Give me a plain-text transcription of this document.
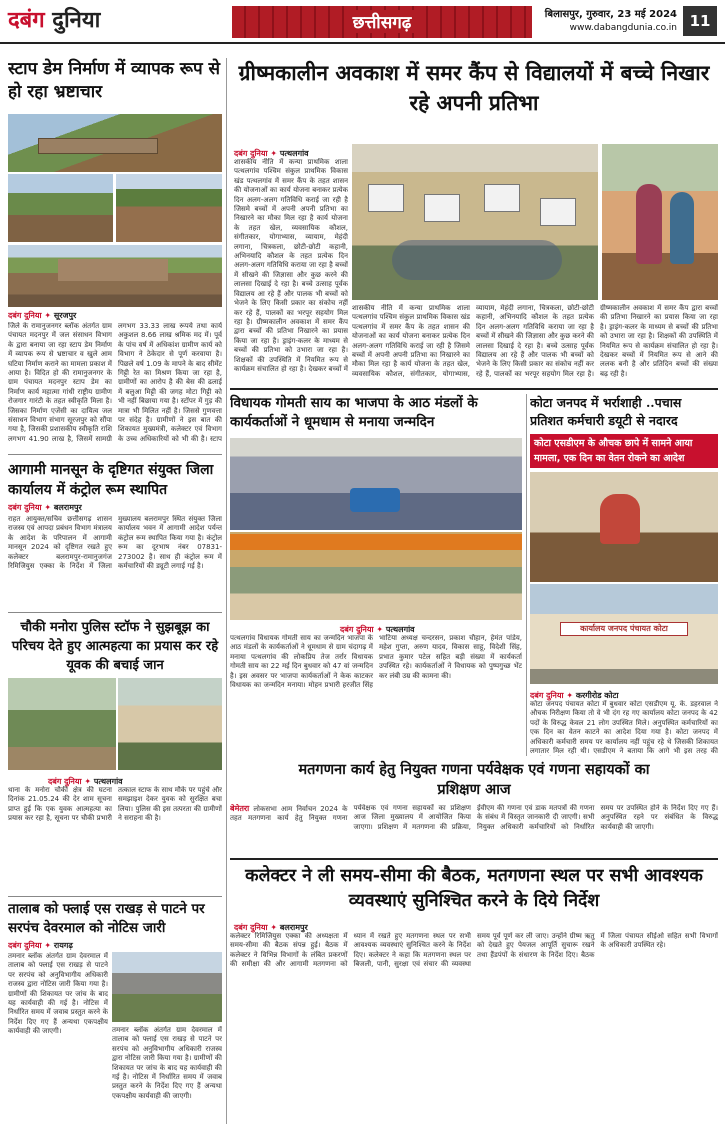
दबंग दुनिया	छत्तीसगढ़	बिलासपुर, गुरुवार, 23 मई 2024
www.dabangdunia.co.in 11
स्टाप डेम निर्माण में व्यापक रूप से हो रहा भ्रष्टाचार
दबंग दुनिया ✦ सूरजपुर
जिले के रामानुजनगर ब्लॉक अंतर्गत ग्राम पंचायत मदनपुर में जल संसाधन विभाग के द्वारा बनाया जा रहा स्टाप डेम निर्माण में व्यापक रूप से भ्रष्टाचार व खुले आम घटिया निर्माण कराने का मामला प्रकाश में आया है। विदित हो की रामानुजनगर के ग्राम पंचायत मदनपुर स्टाप डेम का निर्माण कार्य महात्मा गांधी राष्ट्रीय ग्रामीण रोजगार गारंटी के तहत स्वीकृति मिला है। जिसका निर्माण एजेंसी का दायित्व जल संसाधन विभाग संभाग सूरजपुर को सौंपा गया है, जिसकी प्रशासकीय स्वीकृति राशि लगभग 41.90 लाख है, जिसमें सामग्री लगभग 33.33 लाख रूपये तथा कार्य अकुशल 8.66 लाख श्रमिक मद में। पूर्व के पांच वर्ष में अधिकांश ग्रामीण कार्य को विभाग ने ठेकेदार से पूर्ण करवाया है। पिछले वर्ष 1.09 के मापने के बाद सीमेंट गिट्टी रेत का मिश्रण किया जा रहा है, ग्रामीणों का आरोप है की बेस की ढलाई में बलुआ मिट्टी की जगह मोटा गिट्टी को भी नहीं बिछाया गया है। स्टॉपर में गुड़ की मात्रा भी मिलित नहीं है। जिससे गुणवत्ता पर संदेह है। ग्रामीणों ने इस बात की शिकायत मुख्यमंत्री, कलेक्टर एवं विभाग के उच्च अधिकारियों को भी की है। स्टाप
ग्रीष्मकालीन अवकाश में समर कैंप से विद्यालयों में बच्चे निखार रहे अपनी प्रतिभा
दबंग दुनिया ✦ पत्थलगांव
शासकीय नीति में कन्या प्राथमिक शाला पत्थलगांव पश्चिम संकुल प्राथमिक विकास खंड पत्थलगांव में समर कैंप के तहत शासन की योजनाओं का कार्य योजना बनाकर प्रत्येक दिन अलग-अलग गतिविधि कराई जा रही है जिसमे बच्चों में अपनी अपनी प्रतिभा का निखारने का मौका मिल रहा है कार्य योजना के तहत खेल, व्यवसायिक कौशल, संगीतकार, योगाभ्यास, व्यायाम, मेहंदी लगाना, चित्रकला, छोटी-छोटी कहानी, अभिनयादि कौशल के तहत प्रत्येक दिन अलग-अलग गतिविधि कराया जा रहा है बच्चों में सीखने की जिज्ञासा और कुछ करने की लालसा दिखाई दे रहा है। बच्चे उत्साह पूर्वक विद्यालय आ रहे हैं और पालक भी बच्चों को भेजने के लिए किसी प्रकार का संकोच नहीं कर रहे हैं, पालकों का भरपूर सहयोग मिल रहा है। ग्रीष्मकालीन अवकाश में समर कैंप द्वारा बच्चों की प्रतिभा निखारने का प्रयास किया जा रहा है। ड्राइंग-कलर के माध्यम से बच्चों की प्रतिभा को उभारा जा रहा है। शिक्षकों की उपस्थिति में नियमित रूप से कार्यक्रम संचालित हो रहा है। देखकर बच्चों में
शासकीय नीति में कन्या प्राथमिक शाला पत्थलगांव पश्चिम संकुल प्राथमिक विकास खंड पत्थलगांव में समर कैंप के तहत शासन की योजनाओं का कार्य योजना बनाकर प्रत्येक दिन अलग-अलग गतिविधि कराई जा रही है जिसमे बच्चों में अपनी अपनी प्रतिभा का निखारने का मौका मिल रहा है कार्य योजना के तहत खेल, व्यवसायिक कौशल, संगीतकार, योगाभ्यास, व्यायाम, मेहंदी लगाना, चित्रकला, छोटी-छोटी कहानी, अभिनयादि कौशल के तहत प्रत्येक दिन अलग-अलग गतिविधि कराया जा रहा है बच्चों में सीखने की जिज्ञासा और कुछ करने की लालसा दिखाई दे रहा है। बच्चे उत्साह पूर्वक विद्यालय आ रहे हैं और पालक भी बच्चों को भेजने के लिए किसी प्रकार का संकोच नहीं कर रहे हैं, पालकों का भरपूर सहयोग मिल रहा है। ग्रीष्मकालीन अवकाश में समर कैंप द्वारा बच्चों की प्रतिभा निखारने का प्रयास किया जा रहा है। ड्राइंग-कलर के माध्यम से बच्चों की प्रतिभा को उभारा जा रहा है। शिक्षकों की उपस्थिति में नियमित रूप से कार्यक्रम संचालित हो रहा है। देखकर बच्चों में नियमित रूप से आने की ललक बनी है और प्रतिदिन बच्चों की संख्या बढ़ रही है।
विधायक गोमती साय का भाजपा के आठ मंडलों के कार्यकर्ताओं ने धूमधाम से मनाया जन्मदिन
दबंग दुनिया ✦ पत्थलगांव
पत्थलगांव विधायक गोमती साय का जन्मदिन भाजपा के आठ मंडलों के कार्यकर्ताओं ने धूमधाम से ग्राम चंदागढ़ में मनाया पत्थलगांव की लोकप्रिय तेज तर्रार विधायक गोमती साय का 22 मई दिन बुधवार को 47 वां जन्मदिन है। इस अवसर पर भाजपा कार्यकर्ताओं ने केक काटकर विधायक का जन्मदिन मनाया। मोहन प्रभारी हरजीत सिंह भाटिया अध्यक्ष चन्दरसन, प्रकाश चौहान, हेमंत पांडेय, महेश गुप्ता, अरुण यादव, विकास साहू, विदेशी सिंह, प्रभात कुमार पटेल सहित बड़ी संख्या में कार्यकर्ता उपस्थित रहे। कार्यकर्ताओं ने विधायक को पुष्पगुच्छ भेंट कर लंबी उम्र की कामना की।
कोटा जनपद में भर्राशाही ..पचास प्रतिशत कर्मचारी डयूटी से नदारद
कोटा एसडीएम के औचक छापे में सामने आया मामला, एक दिन का वेतन रोकने का आदेश
कार्यालय जनपद पंचायत कोटा
दबंग दुनिया ✦ करगीरोड कोटा
कोटा जनपद पंचायत कोटा में बुधवार कोटा एसडीएम यू. के. डहरवाल ने औचक निरीक्षण किया तो वे भी दंग रह गए कार्यालय कोटा जनपद के 42 पदों के विरुद्ध केवल 21 लोग उपस्थित मिले। अनुपस्थित कर्मचारियों का एक दिन का वेतन काटने का आदेश दिया गया है। कोटा जनपद में अधिकारी कर्मचारी समय पर कार्यालय नहीं पहुंच रहे थे जिसकी शिकायत लगातार मिल रही थी। एसडीएम ने बताया कि आगे भी इस तरह की
आगामी मानसून के दृष्टिगत संयुक्त जिला कार्यालय में कंट्रोल रूम स्थापित
दबंग दुनिया ✦ बलरामपुर
राहत आयुक्त/सचिव छत्तीसगढ़ शासन राजस्व एवं आपदा प्रबंधन विभाग मंत्रालय के आदेश के परिपालन में आगामी मानसून 2024 को दृष्टिगत रखते हुए कलेक्टर बलरामपुर-रामानुजगंज रिमिजियुस एक्का के निर्देश में जिला मुख्यालय बलरामपुर स्थित संयुक्त जिला कार्यालय भवन में आगामी आदेश पर्यन्त कंट्रोल रूम स्थापित किया गया है। कंट्रोल रूम का दूरभाष नंबर 07831-273002 है। साथ ही कंट्रोल रूम में कर्मचारियों की ड्यूटी लगाई गई है।
चौकी मनोरा पुलिस स्टॉफ ने सुझबूझ का परिचय देते हुए आत्महत्या का प्रयास कर रहे यूवक की बचाई जान
दबंग दुनिया ✦ पत्थलगांव
थाना के मनोरा चौकी क्षेत्र की घटना दिनांक 21.05.24 की देर शाम सूचना प्राप्त हुई कि एक युवक आत्महत्या का प्रयास कर रहा है, सूचना पर चौकी प्रभारी तत्काल स्टाफ के साथ मौके पर पहुंचे और समझाइश देकर युवक को सुरक्षित बचा लिया। पुलिस की इस तत्परता की ग्रामीणों ने सराहना की है।
मतगणना कार्य हेतु नियुक्त गणना पर्यवेक्षक एवं गणना सहायकों का प्रशिक्षण आज
बेमेतरा लोकसभा आम निर्वाचन 2024 के तहत मतगणना कार्य हेतु नियुक्त गणना पर्यवेक्षक एवं गणना सहायकों का प्रशिक्षण आज जिला मुख्यालय में आयोजित किया जाएगा। प्रशिक्षण में मतगणना की प्रक्रिया, ईवीएम की गणना एवं डाक मतपत्रों की गणना के संबंध में विस्तृत जानकारी दी जाएगी। सभी नियुक्त अधिकारी कर्मचारियों को निर्धारित समय पर उपस्थित होने के निर्देश दिए गए हैं। अनुपस्थित रहने पर संबंधित के विरुद्ध कार्यवाही की जाएगी।
तालाब को फ्लाई एस राखड़ से पाटने पर सरपंच देवरमाल को नोटिस जारी
दबंग दुनिया ✦ रायगढ़
तमनार ब्लॉक अंतर्गत ग्राम देवरमाल में तालाब को फ्लाई एस राखड़ से पाटने पर सरपंच को अनुविभागीय अधिकारी राजस्व द्वारा नोटिस जारी किया गया है। ग्रामीणों की शिकायत पर जांच के बाद यह कार्यवाही की गई है। नोटिस में निर्धारित समय में जवाब प्रस्तुत करने के निर्देश दिए गए हैं अन्यथा एकपक्षीय कार्यवाही की जाएगी।	तमनार ब्लॉक अंतर्गत ग्राम देवरमाल में तालाब को फ्लाई एस राखड़ से पाटने पर सरपंच को अनुविभागीय अधिकारी राजस्व द्वारा नोटिस जारी किया गया है। ग्रामीणों की शिकायत पर जांच के बाद यह कार्यवाही की गई है। नोटिस में निर्धारित समय में जवाब प्रस्तुत करने के निर्देश दिए गए हैं अन्यथा एकपक्षीय कार्यवाही की जाएगी।
कलेक्टर ने ली समय-सीमा की बैठक, मतगणना स्थल पर सभी आवश्यक व्यवस्थाएं सुनिश्चित करने के दिये निर्देश
दबंग दुनिया ✦ बलरामपुर
कलेक्टर रिमिजियुस एक्का की अध्यक्षता में समय-सीमा की बैठक संपन्न हुई। बैठक में कलेक्टर ने विभिन्न विभागों के लंबित प्रकरणों की समीक्षा की और आगामी मतगणना को ध्यान में रखते हुए मतगणना स्थल पर सभी आवश्यक व्यवस्थाएं सुनिश्चित करने के निर्देश दिए। कलेक्टर ने कहा कि मतगणना स्थल पर बिजली, पानी, सुरक्षा एवं संचार की व्यवस्था समय पूर्व पूर्ण कर ली जाए। उन्होंने ग्रीष्म ऋतु को देखते हुए पेयजल आपूर्ति सुचारू रखने तथा हैंडपंपों के संधारण के निर्देश दिए। बैठक में जिला पंचायत सीईओ सहित सभी विभागों के अधिकारी उपस्थित रहे।
